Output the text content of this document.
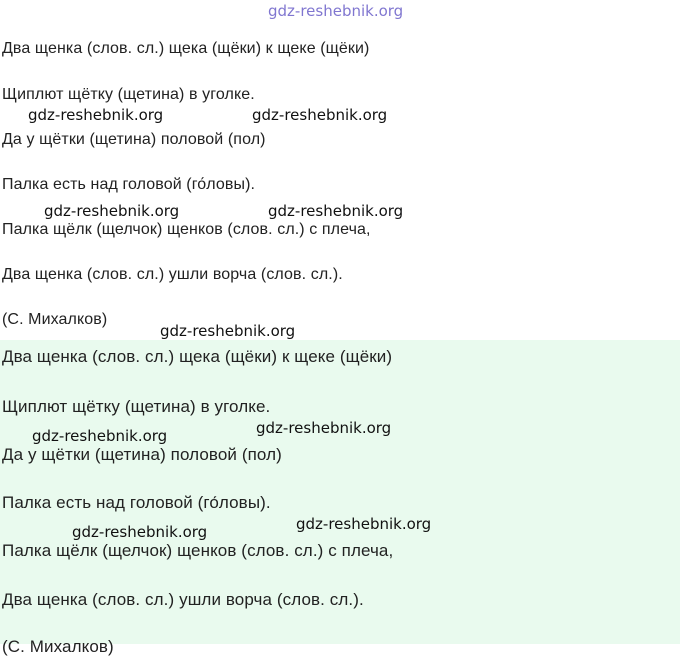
gdz-reshebnik.org
Два щенка (слов. сл.) щека (щёки) к щеке (щёки)
Щиплют щётку (щетина) в уголке.
Да у щётки (щетина) половой (пол)
Палка есть над головой (го́ловы).
Палка щёлк (щелчок) щенков (слов. сл.) с плеча,
Два щенка (слов. сл.) ушли ворча (слов. сл.).
(С. Михалков)
gdz-reshebnik.org	gdz-reshebnik.org
gdz-reshebnik.org	gdz-reshebnik.org
gdz-reshebnik.org
Два щенка (слов. сл.) щека (щёки) к щеке (щёки)
Щиплют щётку (щетина) в уголке.
Да у щётки (щетина) половой (пол)
Палка есть над головой (го́ловы).
Палка щёлк (щелчок) щенков (слов. сл.) с плеча,
Два щенка (слов. сл.) ушли ворча (слов. сл.).
(С. Михалков)
gdz-reshebnik.org	gdz-reshebnik.org
gdz-reshebnik.org	gdz-reshebnik.org
